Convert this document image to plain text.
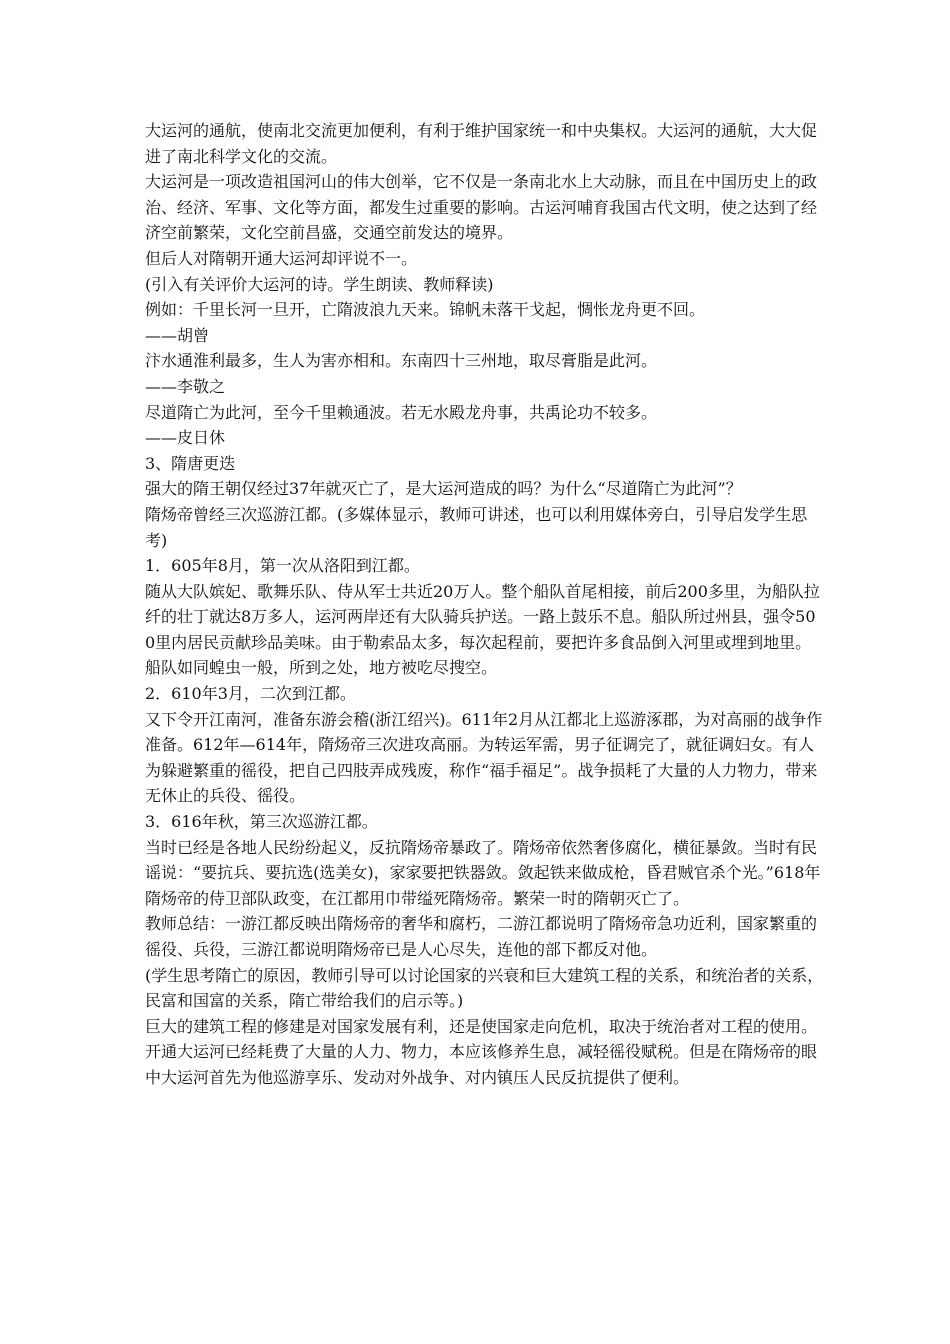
大运河的通航，使南北交流更加便利，有利于维护国家统一和中央集权。大运河的通航，大大促进了南北科学文化的交流。

大运河是一项改造祖国河山的伟大创举，它不仅是一条南北水上大动脉，而且在中国历史上的政治、经济、军事、文化等方面，都发生过重要的影响。古运河哺育我国古代文明，使之达到了经济空前繁荣，文化空前昌盛，交通空前发达的境界。

但后人对隋朝开通大运河却评说不一。

(引入有关评价大运河的诗。学生朗读、教师释读)

例如：千里长河一旦开，亡隋波浪九天来。锦帆未落干戈起，惆怅龙舟更不回。

——胡曾

汴水通淮利最多，生人为害亦相和。东南四十三州地，取尽膏脂是此河。

——李敬之

尽道隋亡为此河，至今千里赖通波。若无水殿龙舟事，共禹论功不较多。

——皮日休

3、隋唐更迭

强大的隋王朝仅经过37年就灭亡了，是大运河造成的吗？为什么“尽道隋亡为此河”？

隋炀帝曾经三次巡游江都。(多媒体显示，教师可讲述，也可以利用媒体旁白，引导启发学生思考)

1．605年8月，第一次从洛阳到江都。

随从大队嫔妃、歌舞乐队、侍从军士共近20万人。整个船队首尾相接，前后200多里，为船队拉纤的壮丁就达8万多人，运河两岸还有大队骑兵护送。一路上鼓乐不息。船队所过州县，强令500里内居民贡献珍品美味。由于勒索品太多，每次起程前，要把许多食品倒入河里或埋到地里。船队如同蝗虫一般，所到之处，地方被吃尽搜空。

2．610年3月，二次到江都。

又下令开江南河，准备东游会稽(浙江绍兴)。611年2月从江都北上巡游涿郡，为对高丽的战争作准备。612年—614年，隋炀帝三次进攻高丽。为转运军需，男子征调完了，就征调妇女。有人为躲避繁重的徭役，把自己四肢弄成残废，称作“福手福足”。战争损耗了大量的人力物力，带来无休止的兵役、徭役。

3．616年秋，第三次巡游江都。

当时已经是各地人民纷纷起义，反抗隋炀帝暴政了。隋炀帝依然奢侈腐化，横征暴敛。当时有民谣说：“要抗兵、要抗选(选美女)，家家要把铁器敛。敛起铁来做成枪，昏君贼官杀个光。”618年隋炀帝的侍卫部队政变，在江都用巾带缢死隋炀帝。繁荣一时的隋朝灭亡了。

教师总结：一游江都反映出隋炀帝的奢华和腐朽，二游江都说明了隋炀帝急功近利，国家繁重的徭役、兵役，三游江都说明隋炀帝已是人心尽失，连他的部下都反对他。

(学生思考隋亡的原因，教师引导可以讨论国家的兴衰和巨大建筑工程的关系，和统治者的关系，民富和国富的关系，隋亡带给我们的启示等。)

巨大的建筑工程的修建是对国家发展有利，还是使国家走向危机，取决于统治者对工程的使用。开通大运河已经耗费了大量的人力、物力，本应该修养生息，减轻徭役赋税。但是在隋炀帝的眼中大运河首先为他巡游享乐、发动对外战争、对内镇压人民反抗提供了便利。
